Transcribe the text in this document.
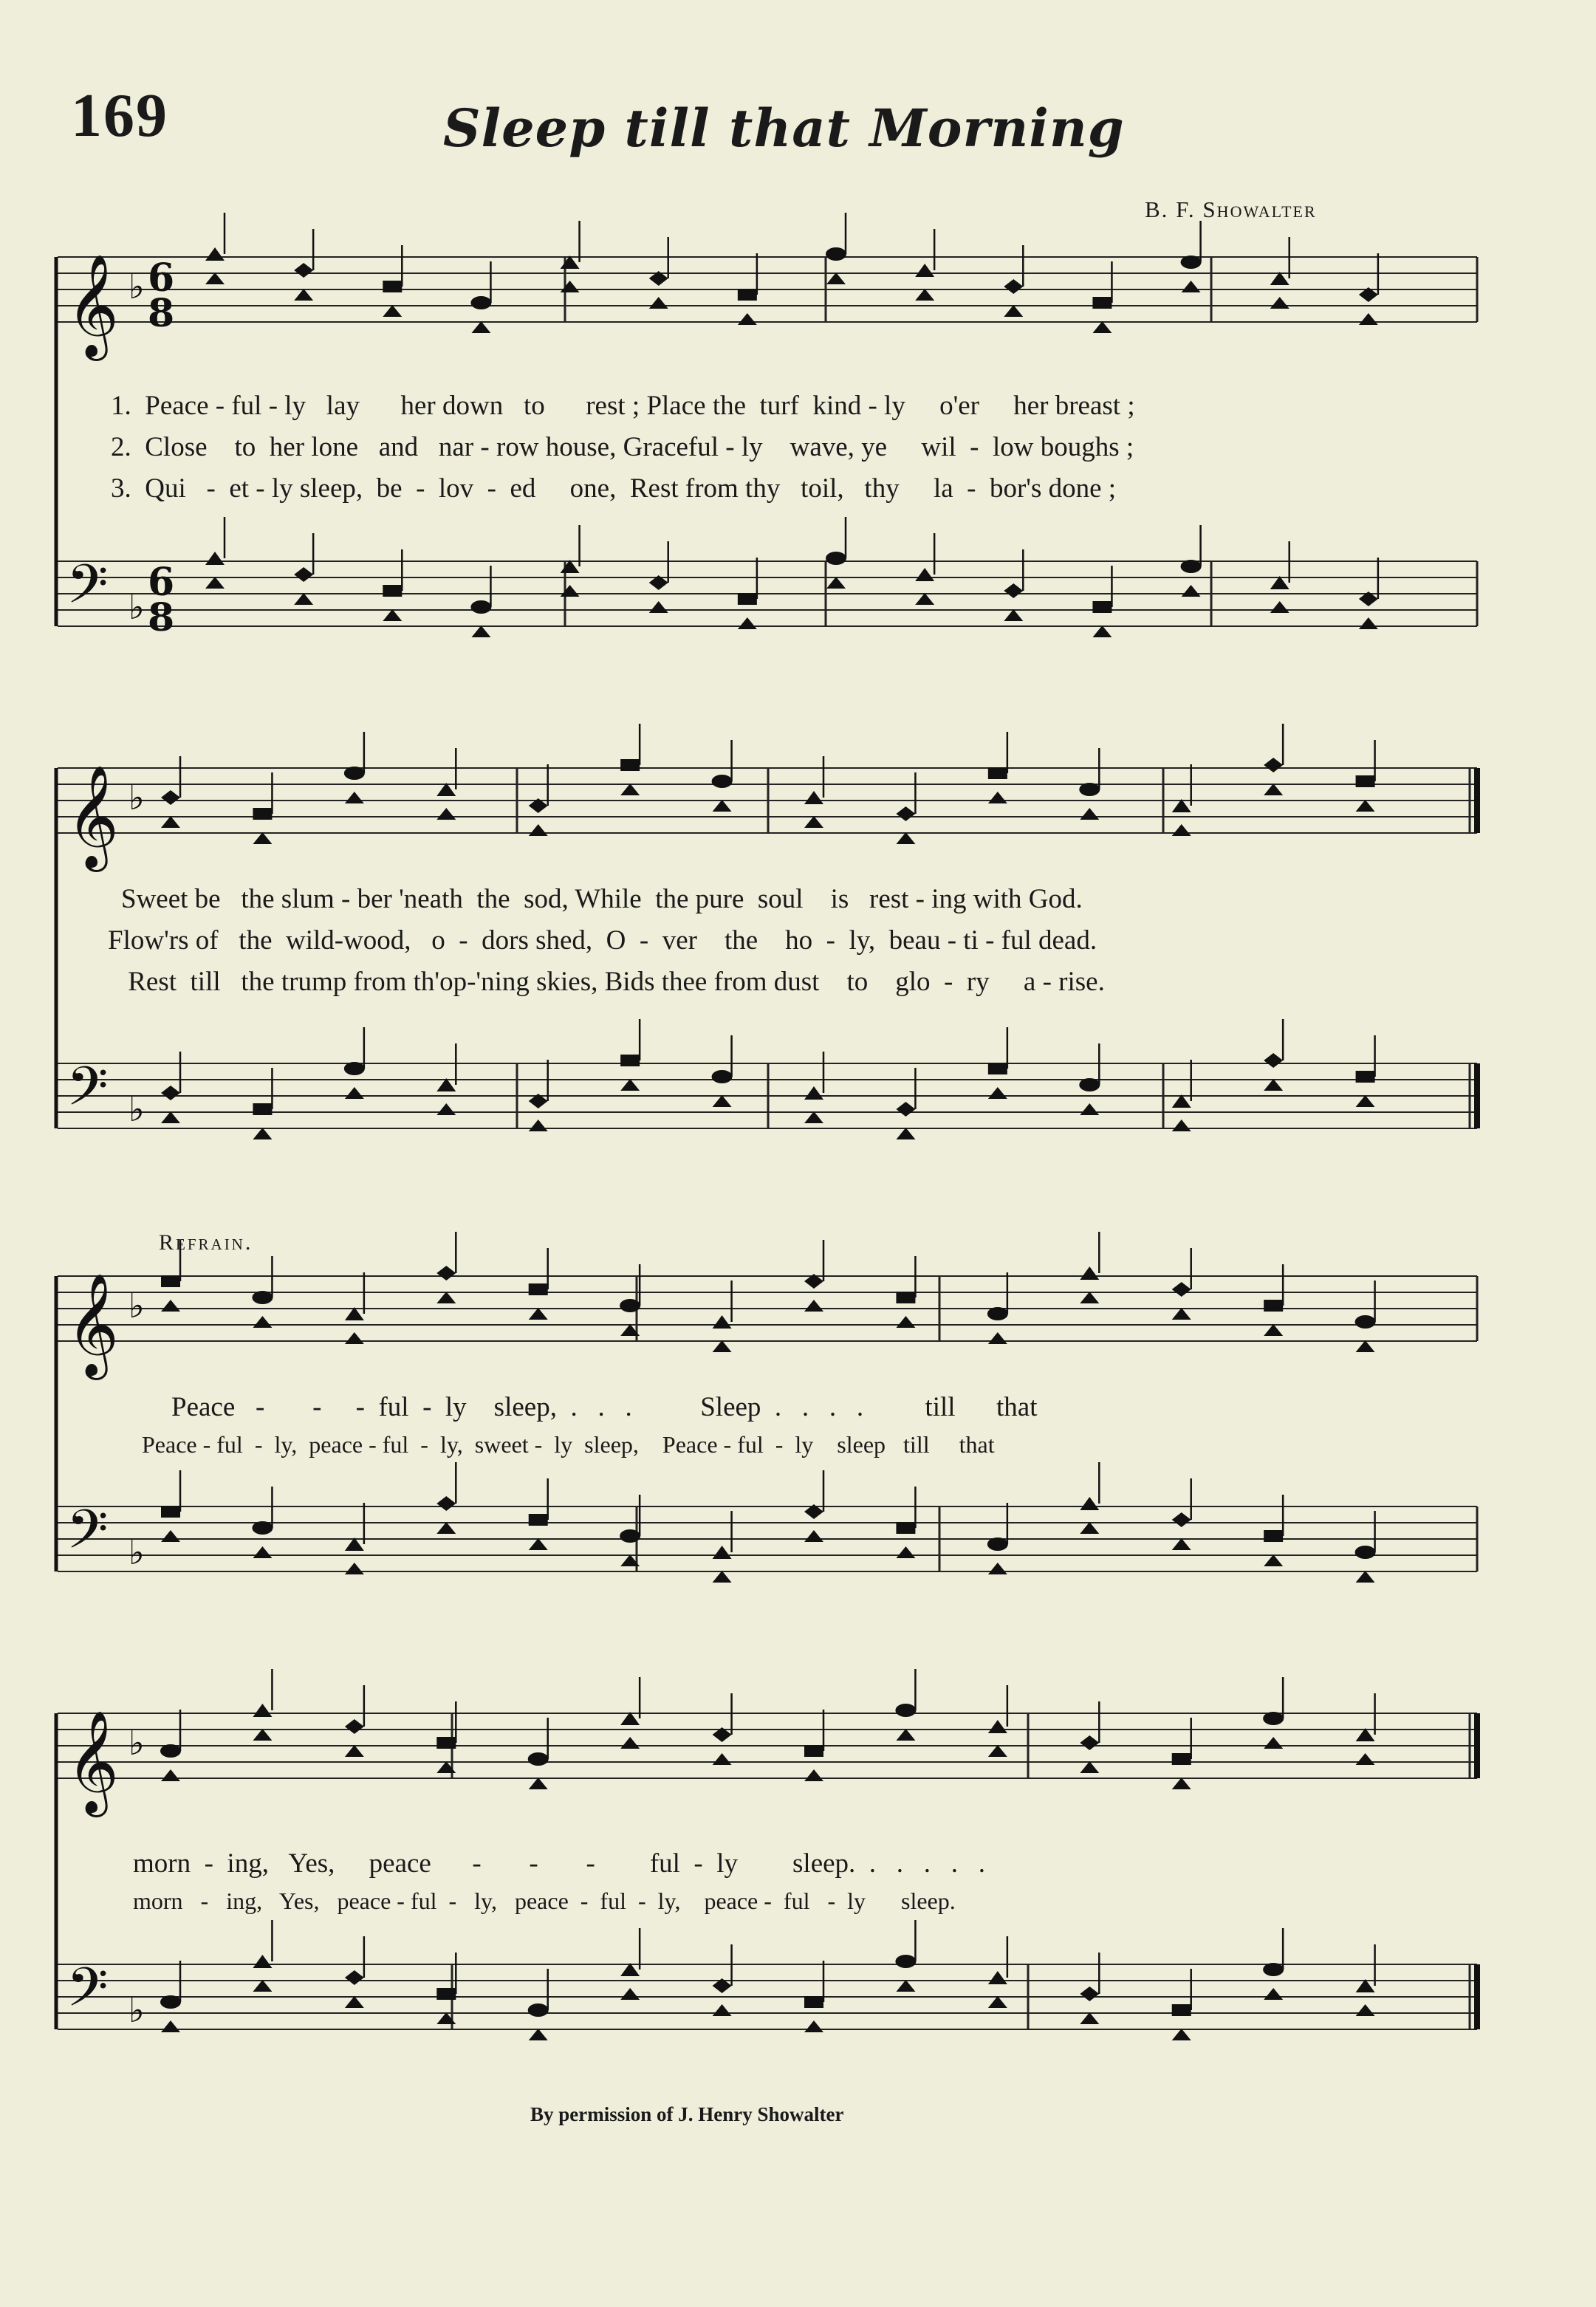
169	Sleep till that Morning
B. F. Showalter
𝄞 ♭ 6
8
𝄢 ♭
6
8
𝄞 ♭
𝄢 ♭
𝄞 ♭
𝄢 ♭
𝄞 ♭
𝄢 ♭
1.  Peace - ful - ly   lay      her down   to      rest ; Place the  turf  kind - ly     o'er     her breast ;
2.  Close    to  her lone   and   nar - row house, Graceful - ly    wave, ye     wil  -  low boughs ;
3.  Qui   -  et - ly sleep,  be  -  lov  -  ed     one,  Rest from thy   toil,   thy     la  -  bor's done ;
Sweet be   the slum - ber 'neath  the  sod, While  the pure  soul    is   rest - ing with God.
Flow'rs of   the  wild-wood,   o  -  dors shed,  O  -  ver    the    ho  -  ly,  beau - ti - ful dead.
Rest  till   the trump from th'op-'ning skies, Bids thee from dust    to    glo  -  ry     a - rise.
Refrain.
Peace   -       -     -  ful  -  ly    sleep,  .   .   .          Sleep  .   .   .   .         till      that
Peace - ful  -  ly,  peace - ful  -  ly,  sweet -  ly  sleep,    Peace - ful  -  ly    sleep   till     that
morn  -  ing,   Yes,     peace      -       -       -        ful  -  ly        sleep.  .   .   .   .   .
morn   -   ing,   Yes,   peace - ful  -   ly,   peace  -  ful  -  ly,    peace -  ful   -  ly      sleep.
By permission of J. Henry Showalter
